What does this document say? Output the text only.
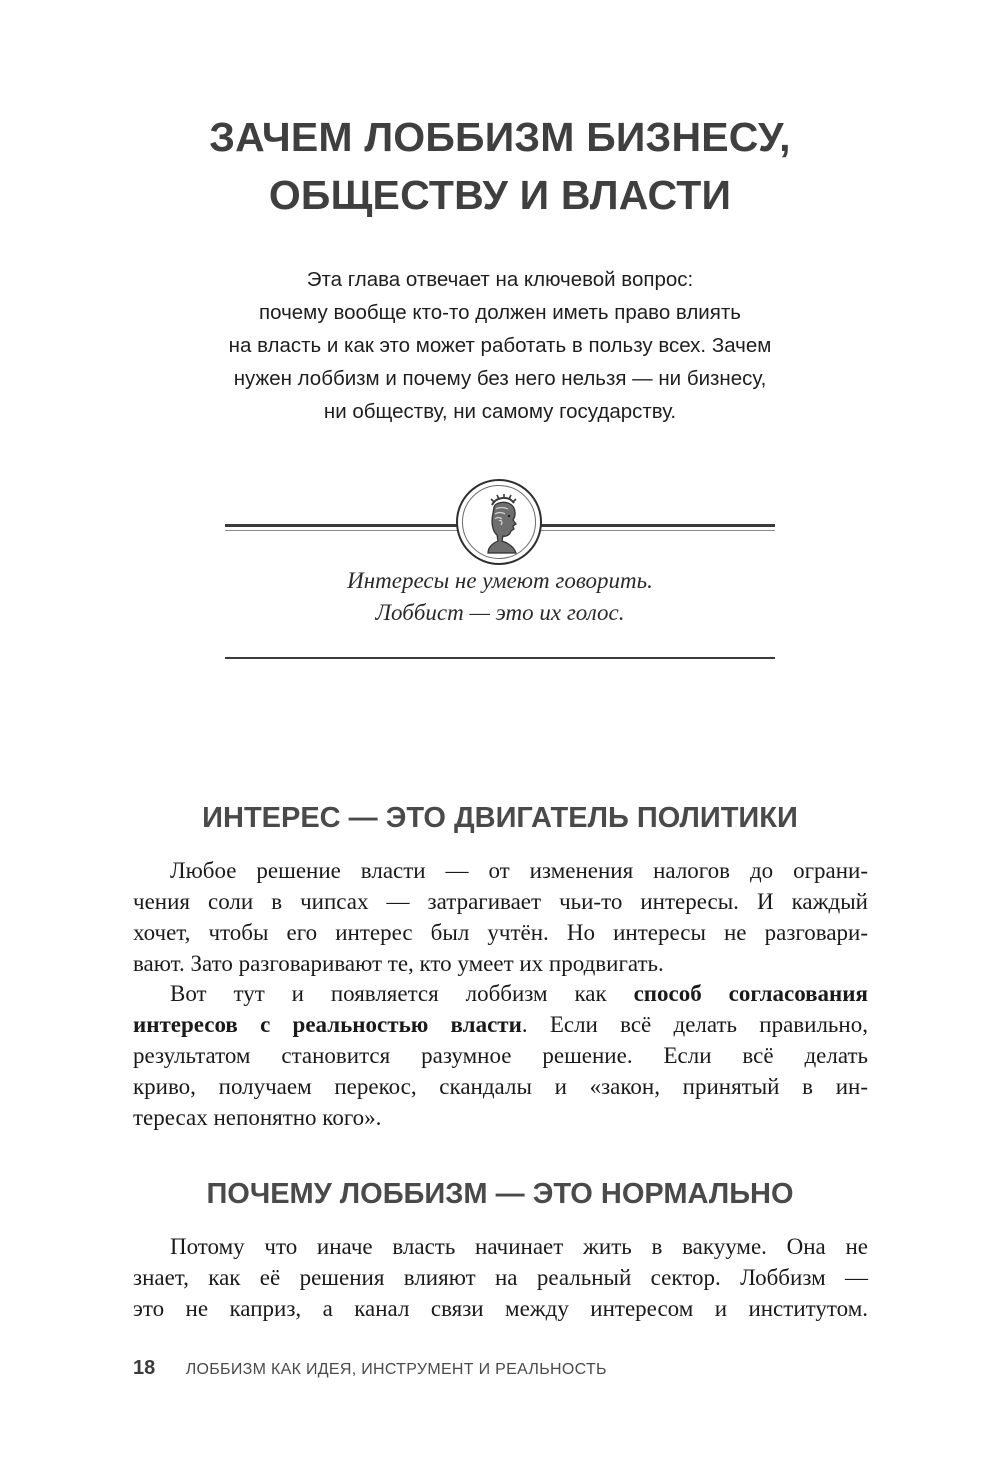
ЗАЧЕМ ЛОББИЗМ БИЗНЕСУ,
ОБЩЕСТВУ И ВЛАСТИ

Эта глава отвечает на ключевой вопрос:
почему вообще кто-то должен иметь право влиять
на власть и как это может работать в пользу всех. Зачем
нужен лоббизм и почему без него нельзя — ни бизнесу,
ни обществу, ни самому государству.

Интересы не умеют говорить.
Лоббист — это их голос.

ИНТЕРЕС — ЭТО ДВИГАТЕЛЬ ПОЛИТИКИ

Любое решение власти — от изменения налогов до ограни-
чения соли в чипсах — затрагивает чьи-то интересы. И каждый
хочет, чтобы его интерес был учтён. Но интересы не разговари-
вают. Зато разговаривают те, кто умеет их продвигать.

Вот тут и появляется лоббизм как способ согласования
интересов с реальностью власти. Если всё делать правильно,
результатом становится разумное решение. Если всё делать
криво, получаем перекос, скандалы и «закон, принятый в ин-
тересах непонятно кого».

ПОЧЕМУ ЛОББИЗМ — ЭТО НОРМАЛЬНО

Потому что иначе власть начинает жить в вакууме. Она не
знает, как её решения влияют на реальный сектор. Лоббизм —
это не каприз, а канал связи между интересом и институтом.

18 ЛОББИЗМ КАК ИДЕЯ, ИНСТРУМЕНТ И РЕАЛЬНОСТЬ
